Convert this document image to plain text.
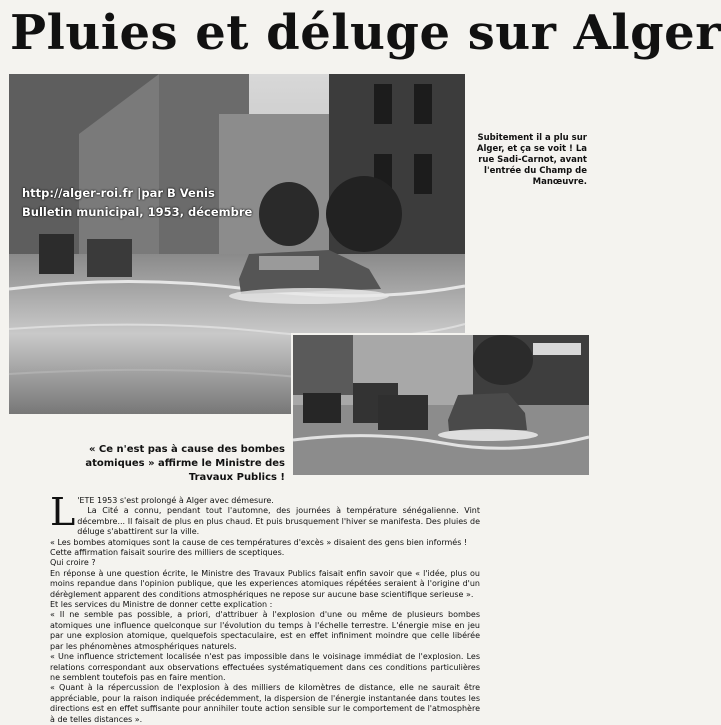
Pluies et déluge sur Alger
http://alger-roi.fr |par B Venis
Bulletin municipal, 1953, décembre
Subitement il a plu sur Alger, et ça se voit ! La rue Sadi-Carnot, avant l'entrée du Champ de Manœuvre.
« Ce n'est pas à cause des bombes atomiques » affirme le Ministre des Travaux Publics !
L 'ETE 1953 s'est prolongé à Alger avec démesure.

La Cité a connu, pendant tout l'automne, des journées à température sénégalienne. Vint décembre... Il faisait de plus en plus chaud. Et puis brusquement l'hiver se manifesta. Des pluies de déluge s'abattirent sur la ville.

« Les bombes atomiques sont la cause de ces températures d'excès » disaient des gens bien informés !

Cette affirmation faisait sourire des milliers de sceptiques.

Qui croire ?

En réponse à une question écrite, le Ministre des Travaux Publics faisait enfin savoir que « l'idée, plus ou moins repandue dans l'opinion publique, que les experiences atomiques répétées seraient à l'origine d'un dérèglement apparent des conditions atmosphériques ne repose sur aucune base scientifique serieuse ».

Et les services du Ministre de donner cette explication :

« Il ne semble pas possible, a priori, d'attribuer à l'explosion d'une ou même de plusieurs bombes atomiques une influence quelconque sur l'évolution du temps à l'échelle terrestre. L'énergie mise en jeu par une explosion atomique, quelquefois spectaculaire, est en effet infiniment moindre que celle libérée par les phénomènes atmosphériques naturels.

« Une influence strictement localisée n'est pas impossible dans le voisinage immédiat de l'explosion. Les relations correspondant aux observations effectuées systématiquement dans ces conditions particulières ne semblent toutefois pas en faire mention.

« Quant à la répercussion de l'explosion à des milliers de kilomètres de distance, elle ne saurait être appréciable, pour la raison indiquée précédemment, la dispersion de l'énergie instantanée dans toutes les directions est en effet suffisante pour annihiler toute action sensible sur le comportement de l'atmosphère à de telles distances ».
